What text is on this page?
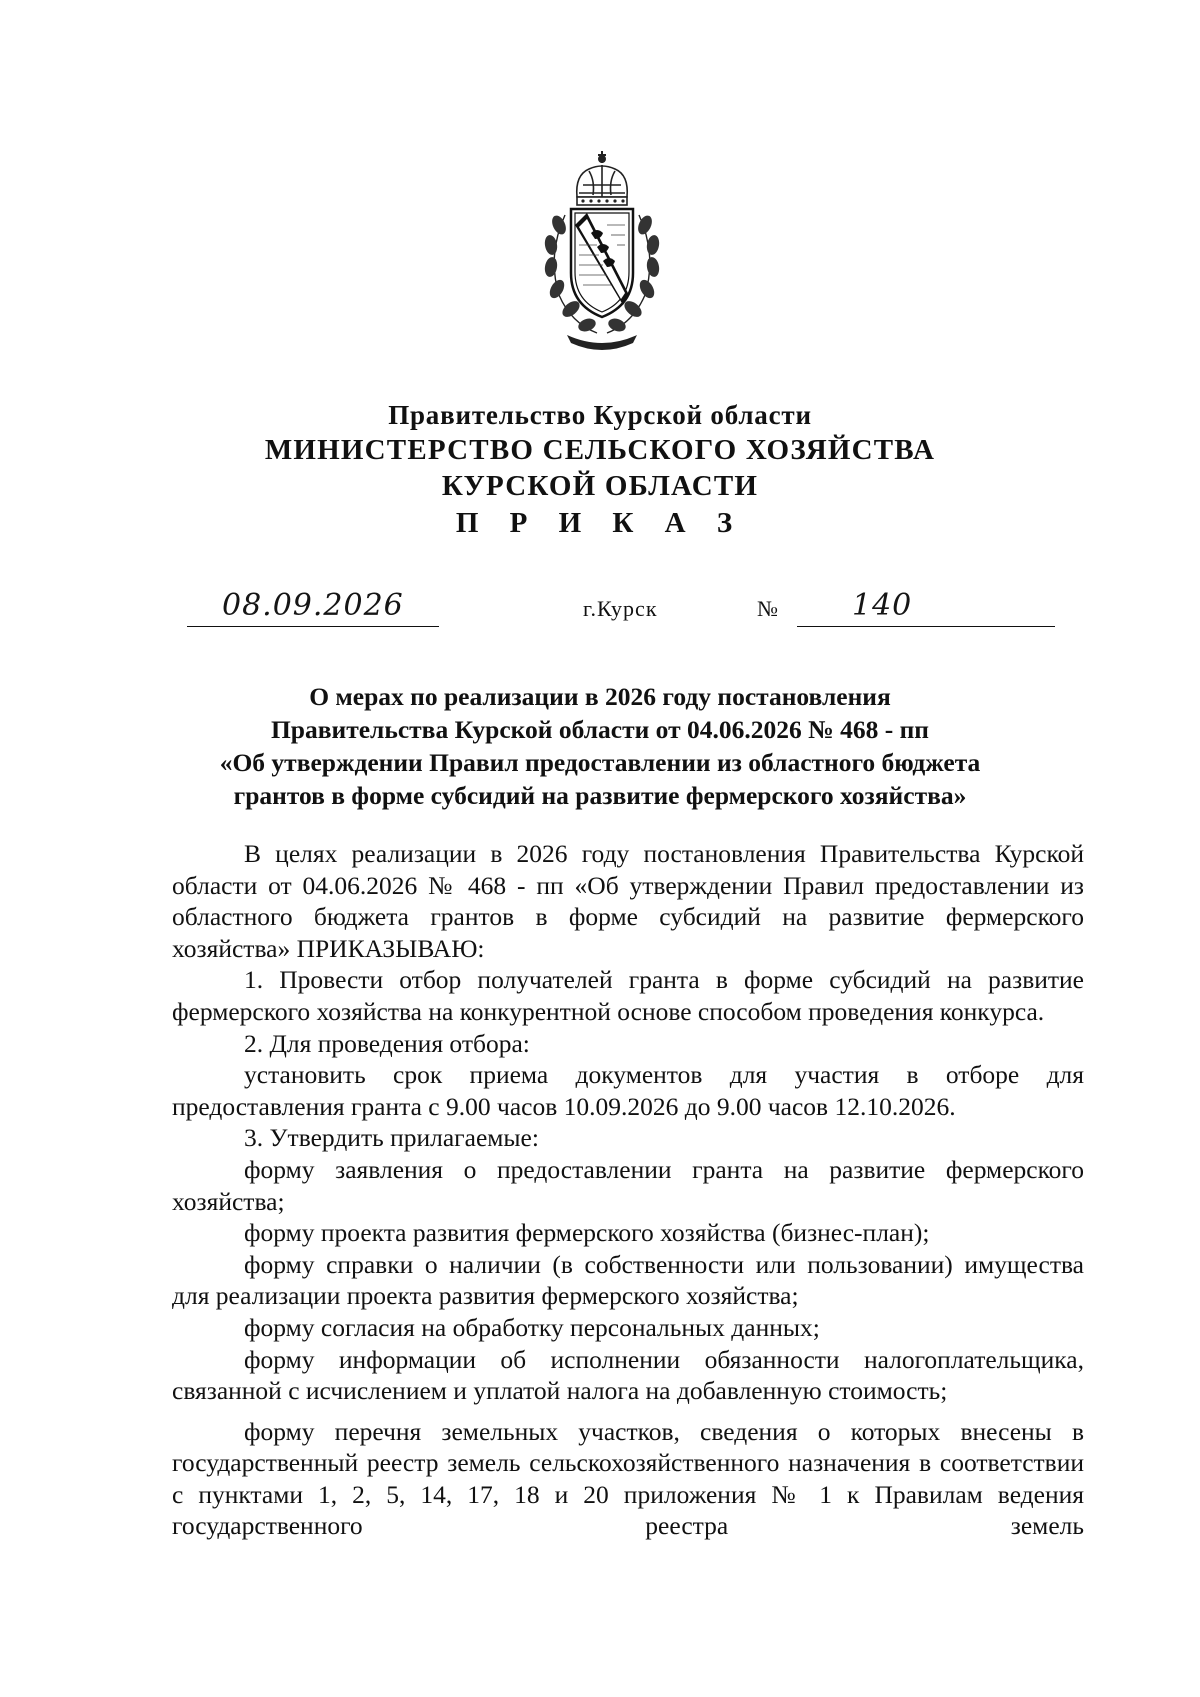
Правительство Курской области
МИНИСТЕРСТВО СЕЛЬСКОГО ХОЗЯЙСТВА
КУРСКОЙ ОБЛАСТИ
П Р И К А З
08.09.2026	г.Курск	№ 140
О мерах по реализации в 2026 году постановления
Правительства Курской области от 04.06.2026 № 468 - пп
«Об утверждении Правил предоставлении из областного бюджета
грантов в форме субсидий на развитие фермерского хозяйства»

В целях реализации в 2026 году постановления Правительства Курской области от 04.06.2026 № 468 - пп «Об утверждении Правил предоставлении из областного бюджета грантов в форме субсидий на развитие фермерского хозяйства» ПРИКАЗЫВАЮ:

1. Провести отбор получателей гранта в форме субсидий на развитие фермерского хозяйства на конкурентной основе способом проведения конкурса.

2. Для проведения отбора:

установить срок приема документов для участия в отборе для предоставления гранта с 9.00 часов 10.09.2026 до 9.00 часов 12.10.2026.

3. Утвердить прилагаемые:

форму заявления о предоставлении гранта на развитие фермерского хозяйства;

форму проекта развития фермерского хозяйства (бизнес-план);

форму справки о наличии (в собственности или пользовании) имущества для реализации проекта развития фермерского хозяйства;

форму согласия на обработку персональных данных;

форму информации об исполнении обязанности налогоплательщика, связанной с исчислением и уплатой налога на добавленную стоимость;

форму перечня земельных участков, сведения о которых внесены в государственный реестр земель сельскохозяйственного назначения в соответствии с пунктами 1, 2, 5, 14, 17, 18 и 20 приложения № 1 к Правилам ведения государственного реестра земель
